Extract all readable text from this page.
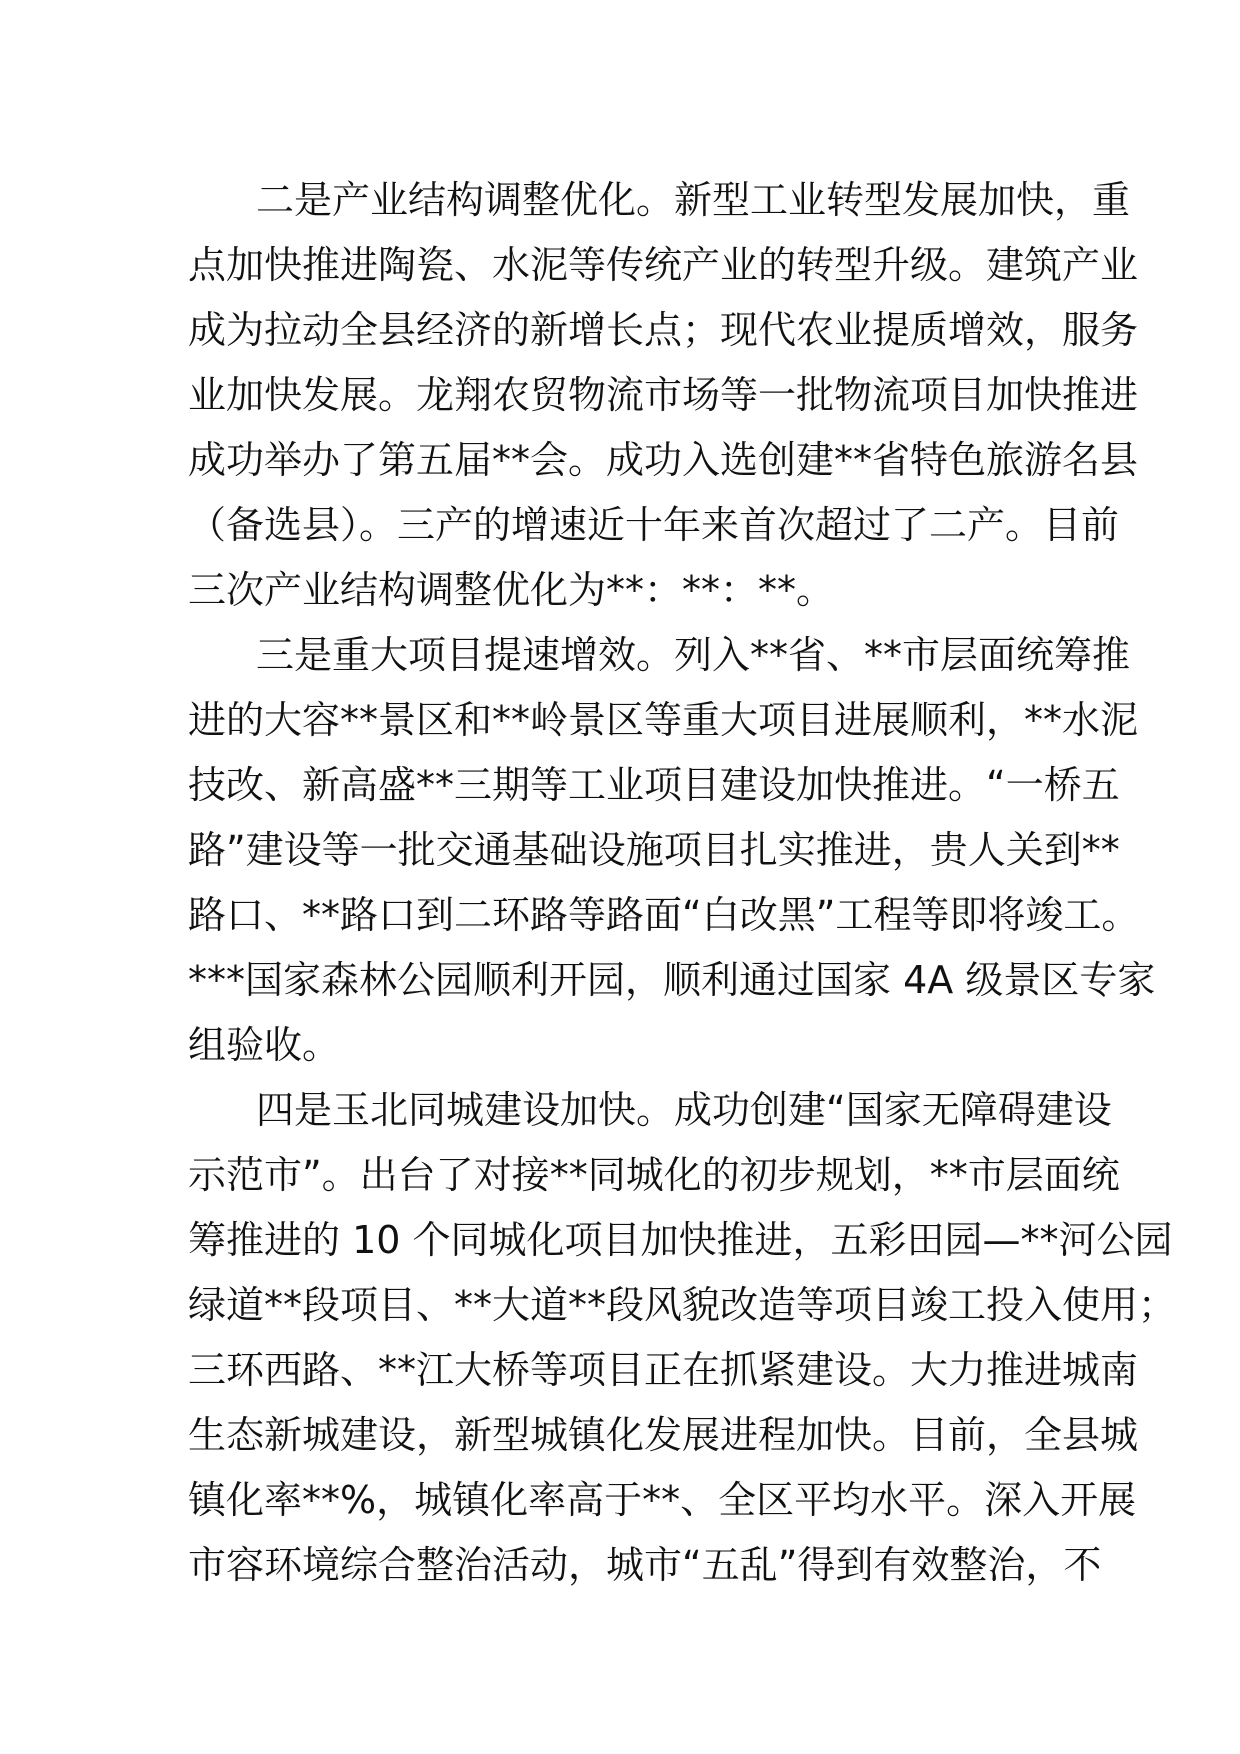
二是产业结构调整优化。新型工业转型发展加快，重
点加快推进陶瓷、水泥等传统产业的转型升级。建筑产业
成为拉动全县经济的新增长点；现代农业提质增效，服务
业加快发展。龙翔农贸物流市场等一批物流项目加快推进
成功举办了第五届**会。成功入选创建**省特色旅游名县
（备选县）。三产的增速近十年来首次超过了二产。目前
三次产业结构调整优化为**：**：**。
三是重大项目提速增效。列入**省、**市层面统筹推
进的大容**景区和**岭景区等重大项目进展顺利，**水泥
技改、新高盛**三期等工业项目建设加快推进。“一桥五
路”建设等一批交通基础设施项目扎实推进，贵人关到**
路口、**路口到二环路等路面“白改黑”工程等即将竣工。
***国家森林公园顺利开园，顺利通过国家 4A 级景区专家
组验收。
四是玉北同城建设加快。成功创建“国家无障碍建设
示范市”。出台了对接**同城化的初步规划，**市层面统
筹推进的 10 个同城化项目加快推进，五彩田园—**河公园
绿道**段项目、**大道**段风貌改造等项目竣工投入使用；
三环西路、**江大桥等项目正在抓紧建设。大力推进城南
生态新城建设，新型城镇化发展进程加快。目前，全县城
镇化率**%，城镇化率高于**、全区平均水平。深入开展
市容环境综合整治活动，城市“五乱”得到有效整治，不
